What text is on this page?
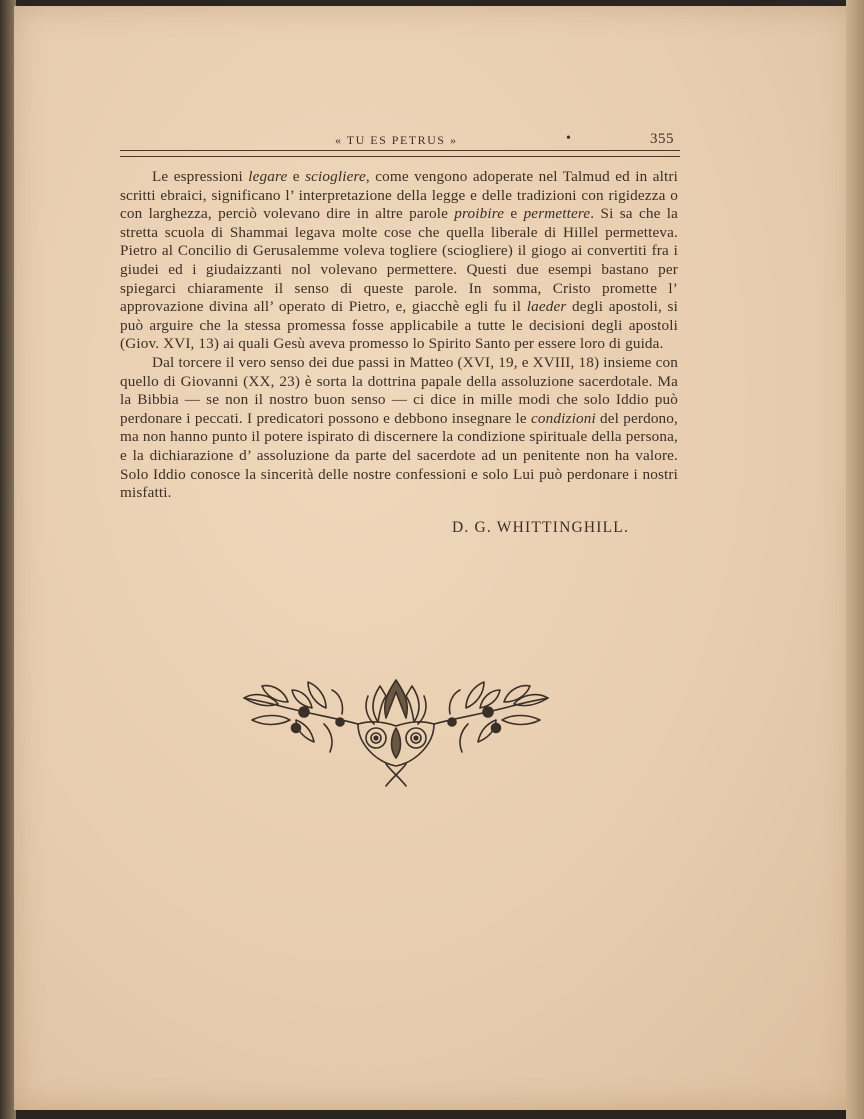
« TU ES PETRUS »	•	355

Le espressioni legare e sciogliere, come vengono adoperate nel Talmud ed in altri scritti ebraici, significano l’ interpretazione della legge e delle tradizioni con rigidezza o con larghezza, perciò volevano dire in altre parole proibire e permettere. Si sa che la stretta scuola di Shammai legava molte cose che quella liberale di Hillel permetteva. Pietro al Concilio di Gerusalemme voleva togliere (sciogliere) il giogo ai convertiti fra i giudei ed i giudaizzanti nol volevano permettere. Questi due esempi bastano per spiegarci chiaramente il senso di queste parole. In somma, Cristo promette l’ approvazione divina all’ operato di Pietro, e, giacchè egli fu il laeder degli apostoli, si può arguire che la stessa promessa fosse applicabile a tutte le decisioni degli apostoli (Giov. XVI, 13) ai quali Gesù aveva promesso lo Spirito Santo per essere loro di guida.

Dal torcere il vero senso dei due passi in Matteo (XVI, 19, e XVIII, 18) insieme con quello di Giovanni (XX, 23) è sorta la dottrina papale della assoluzione sacerdotale. Ma la Bibbia — se non il nostro buon senso — ci dice in mille modi che solo Iddio può perdonare i peccati. I predicatori possono e debbono insegnare le condizioni del perdono, ma non hanno punto il potere ispirato di discernere la condizione spirituale della persona, e la dichiarazione d’ assoluzione da parte del sacerdote ad un penitente non ha valore. Solo Iddio conosce la sincerità delle nostre confessioni e solo Lui può perdonare i nostri misfatti.

D. G. WHITTINGHILL.
